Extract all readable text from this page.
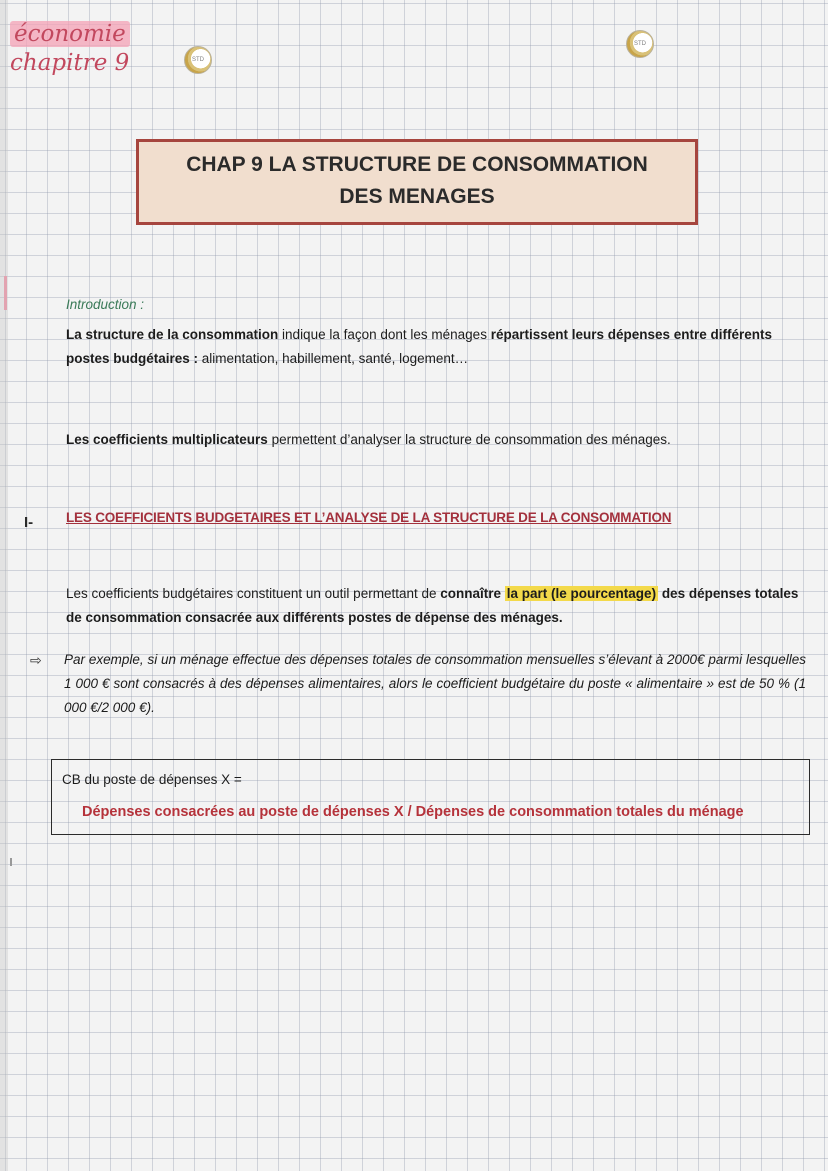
économie
chapitre 9	STD
STD
CHAP 9 LA STRUCTURE DE CONSOMMATION
DES MENAGES
Introduction :
La structure de la consommation indique la façon dont les ménages répartissent leurs dépenses entre différents postes budgétaires : alimentation, habillement, santé, logement…
Les coefficients multiplicateurs permettent d’analyser la structure de consommation des ménages.
I- LES COEFFICIENTS BUDGETAIRES ET L’ANALYSE DE LA STRUCTURE DE LA CONSOMMATION
Les coefficients budgétaires constituent un outil permettant de connaître la part (le pourcentage) des dépenses totales de consommation consacrée aux différents postes de dépense des ménages.
⇨ Par exemple, si un ménage effectue des dépenses totales de consommation mensuelles s’élevant à 2000€ parmi lesquelles 1 000 € sont consacrés à des dépenses alimentaires, alors le coefficient budgétaire du poste « alimentaire » est de 50 % (1 000 €/2 000 €).
CB du poste de dépenses X =
Dépenses consacrées au poste de dépenses X / Dépenses de consommation totales du ménage
